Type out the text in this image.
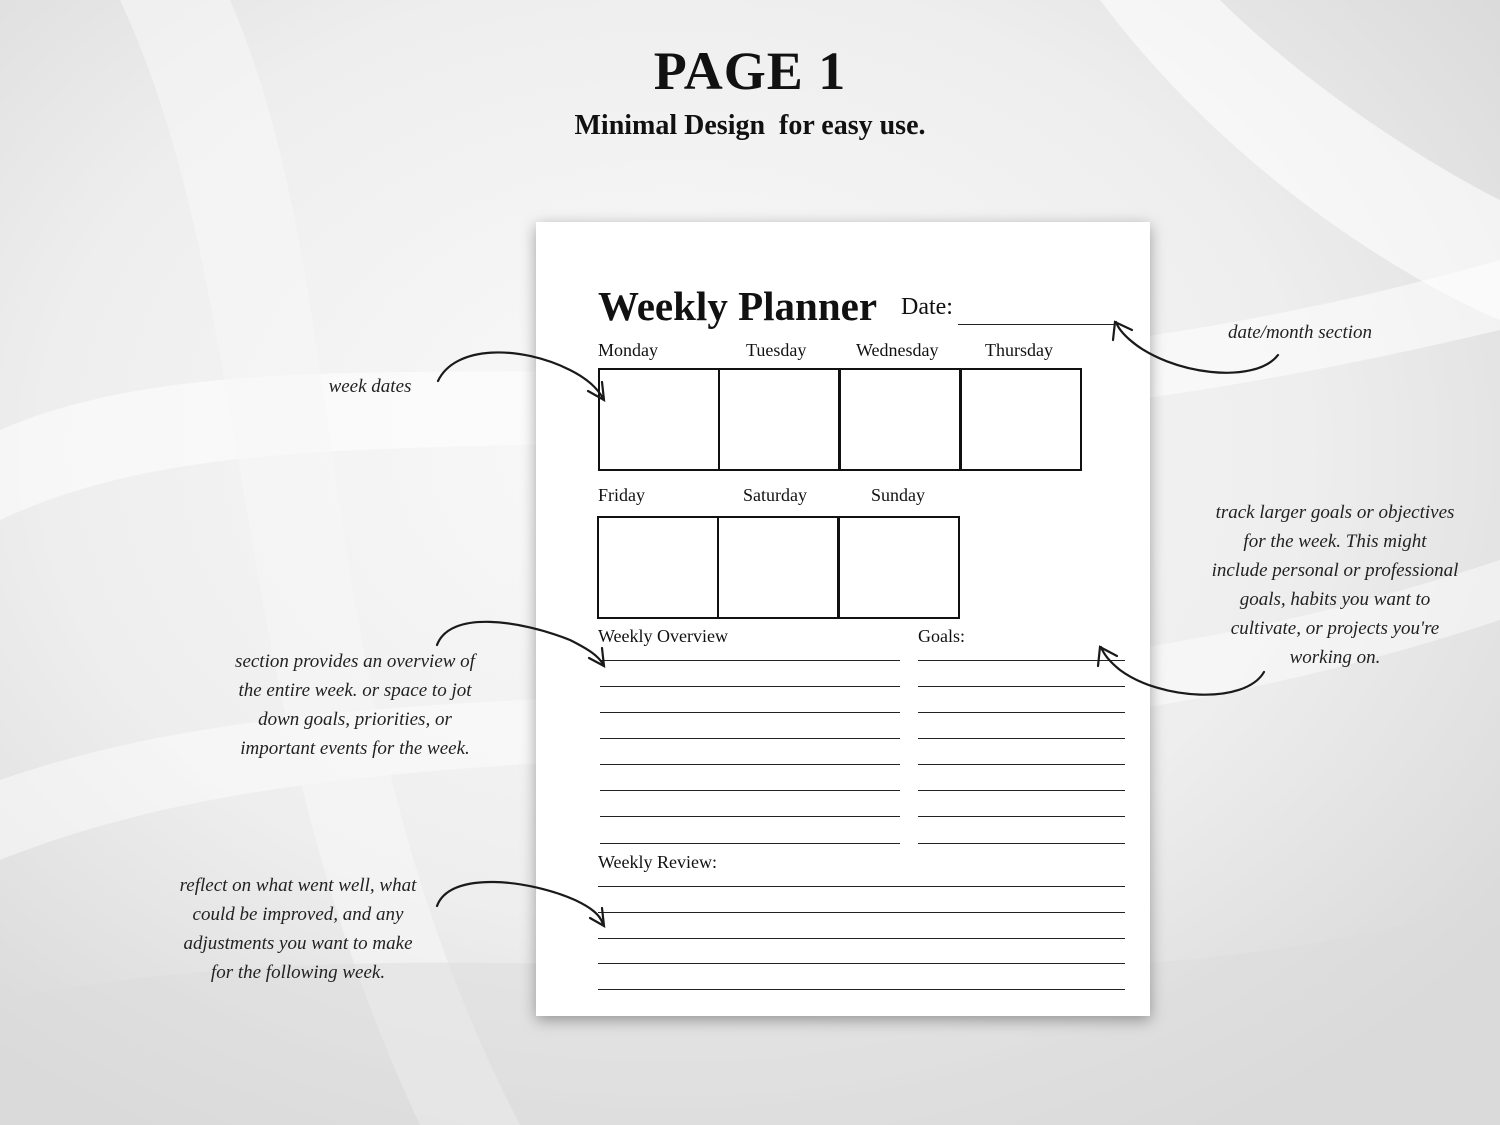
PAGE 1
Minimal Design  for easy use.
Weekly Planner Date:
Monday	Tuesday	Wednesday	Thursday
Friday	Saturday	Sunday
Weekly Overview	Goals:
Weekly Review:
date/month section
week dates
track larger goals or objectives
for the week. This might
include personal or professional
goals, habits you want to
cultivate, or projects you're
working on.
section provides an overview of
the entire week. or space to jot
down goals, priorities, or
important events for the week.
reflect on what went well, what
could be improved, and any
adjustments you want to make
for the following week.
